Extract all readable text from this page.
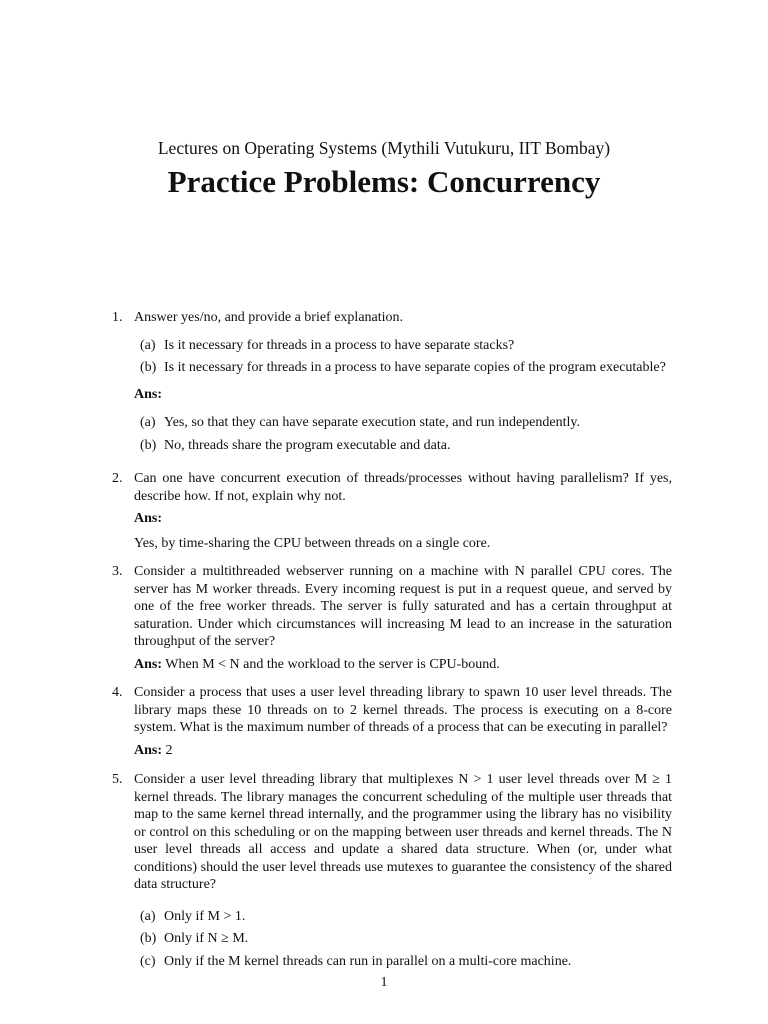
Lectures on Operating Systems (Mythili Vutukuru, IIT Bombay)
Practice Problems: Concurrency
1. Answer yes/no, and provide a brief explanation.
(a) Is it necessary for threads in a process to have separate stacks?
(b) Is it necessary for threads in a process to have separate copies of the program executable?
Ans:
(a) Yes, so that they can have separate execution state, and run independently.
(b) No, threads share the program executable and data.
2. Can one have concurrent execution of threads/processes without having parallelism? If yes, describe how. If not, explain why not.
Ans:
Yes, by time-sharing the CPU between threads on a single core.
3. Consider a multithreaded webserver running on a machine with N parallel CPU cores. The server has M worker threads. Every incoming request is put in a request queue, and served by one of the free worker threads. The server is fully saturated and has a certain throughput at saturation. Under which circumstances will increasing M lead to an increase in the saturation throughput of the server?
Ans: When M < N and the workload to the server is CPU-bound.
4. Consider a process that uses a user level threading library to spawn 10 user level threads. The library maps these 10 threads on to 2 kernel threads. The process is executing on a 8-core system. What is the maximum number of threads of a process that can be executing in parallel?
Ans: 2
5. Consider a user level threading library that multiplexes N > 1 user level threads over M ≥ 1 kernel threads. The library manages the concurrent scheduling of the multiple user threads that map to the same kernel thread internally, and the programmer using the library has no visibility or control on this scheduling or on the mapping between user threads and kernel threads. The N user level threads all access and update a shared data structure. When (or, under what conditions) should the user level threads use mutexes to guarantee the consistency of the shared data structure?
(a) Only if M > 1.
(b) Only if N ≥ M.
(c) Only if the M kernel threads can run in parallel on a multi-core machine.
1
